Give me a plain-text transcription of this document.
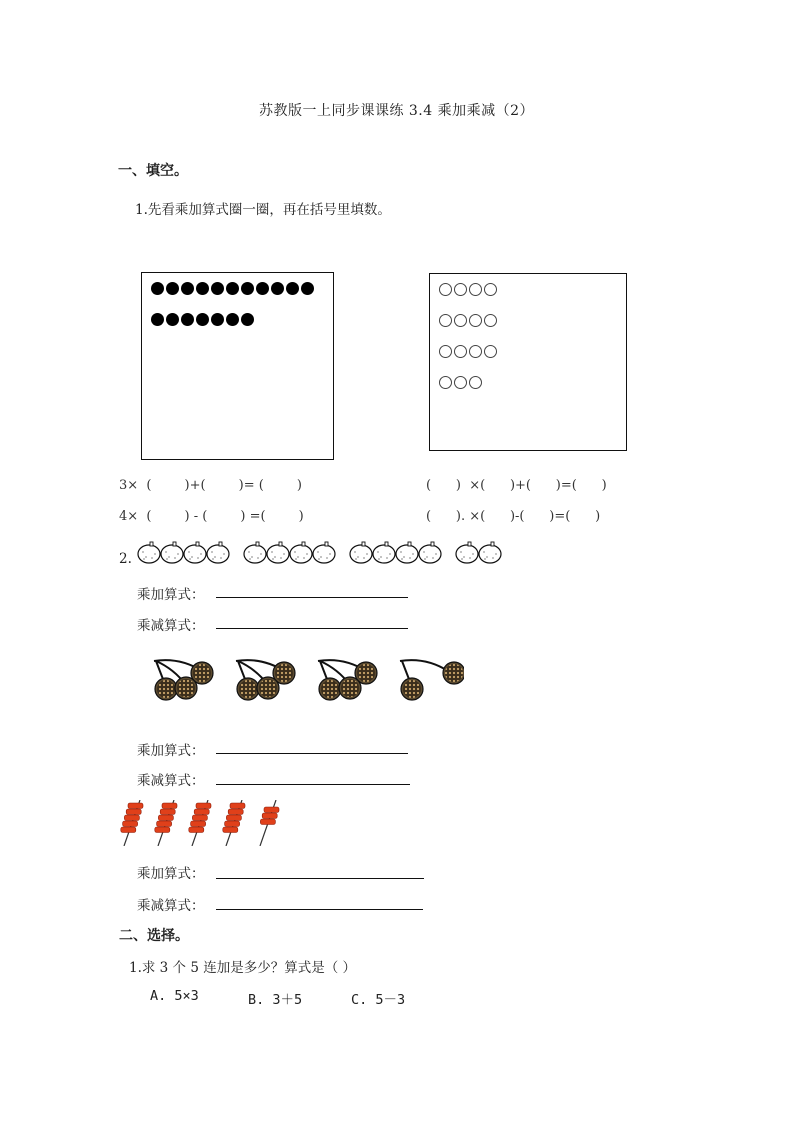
苏教版一上同步课课练 3.4 乘加乘减（2）
一、填空。
1.先看乘加算式圈一圈，再在括号里填数。
3×  (        )+(        )= (        )
4×  (        ) - (        ) =(        )
(      )  ×(      )+(      )=(      )
(      ). ×(      )-(      )=(      )
2.
乘加算式：
乘减算式：
乘加算式：
乘减算式：
乘加算式：
乘减算式：
二、选择。
1.求 3 个 5 连加是多少？算式是（ ）
A. 5×3	B. 3＋5	C. 5－3
